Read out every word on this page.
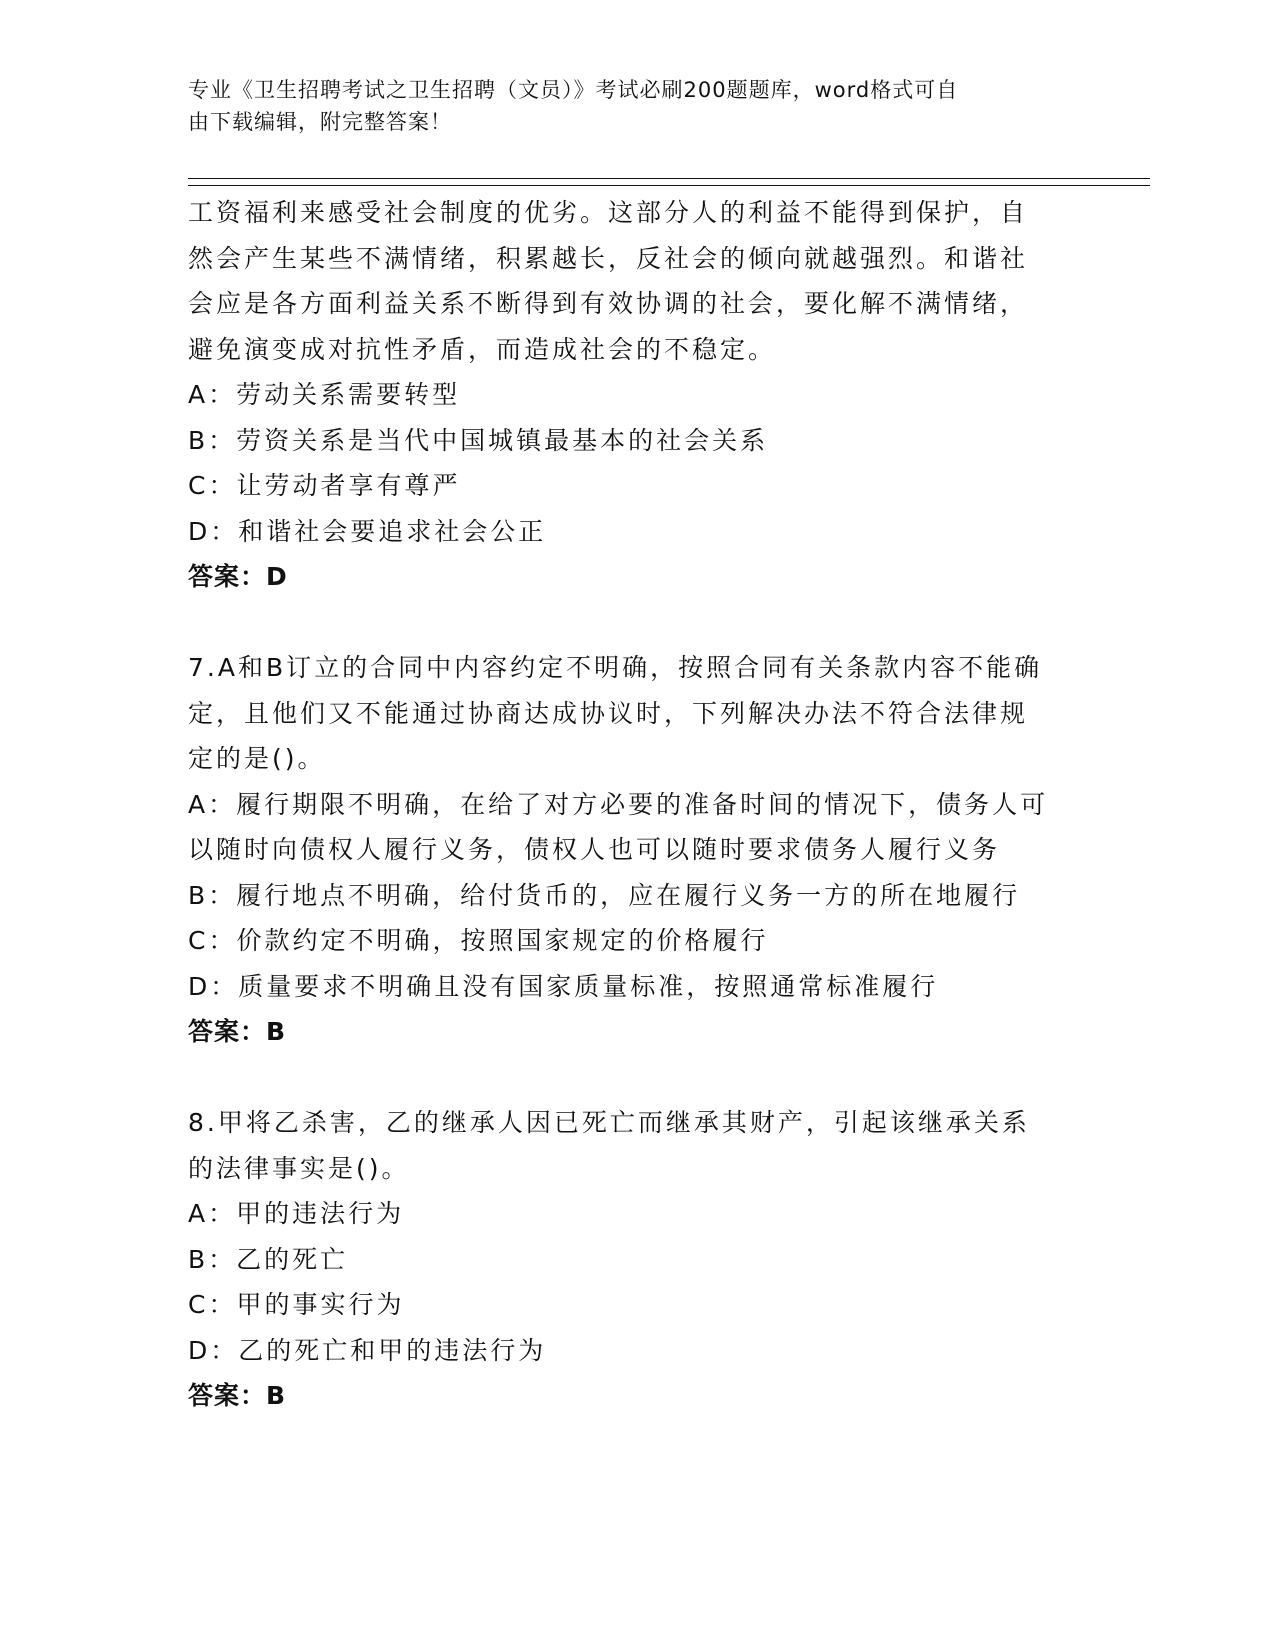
专业《卫生招聘考试之卫生招聘（文员）》考试必刷200题题库，word格式可自
由下载编辑，附完整答案！
工资福利来感受社会制度的优劣。这部分人的利益不能得到保护，自
然会产生某些不满情绪，积累越长，反社会的倾向就越强烈。和谐社
会应是各方面利益关系不断得到有效协调的社会，要化解不满情绪，
避免演变成对抗性矛盾，而造成社会的不稳定。
A：劳动关系需要转型
B：劳资关系是当代中国城镇最基本的社会关系
C：让劳动者享有尊严
D：和谐社会要追求社会公正
答案：D
7.A和B订立的合同中内容约定不明确，按照合同有关条款内容不能确
定，且他们又不能通过协商达成协议时，下列解决办法不符合法律规
定的是()。
A：履行期限不明确，在给了对方必要的准备时间的情况下，债务人可
以随时向债权人履行义务，债权人也可以随时要求债务人履行义务
B：履行地点不明确，给付货币的，应在履行义务一方的所在地履行
C：价款约定不明确，按照国家规定的价格履行
D：质量要求不明确且没有国家质量标准，按照通常标准履行
答案：B
8.甲将乙杀害，乙的继承人因已死亡而继承其财产，引起该继承关系
的法律事实是()。
A：甲的违法行为
B：乙的死亡
C：甲的事实行为
D：乙的死亡和甲的违法行为
答案：B
